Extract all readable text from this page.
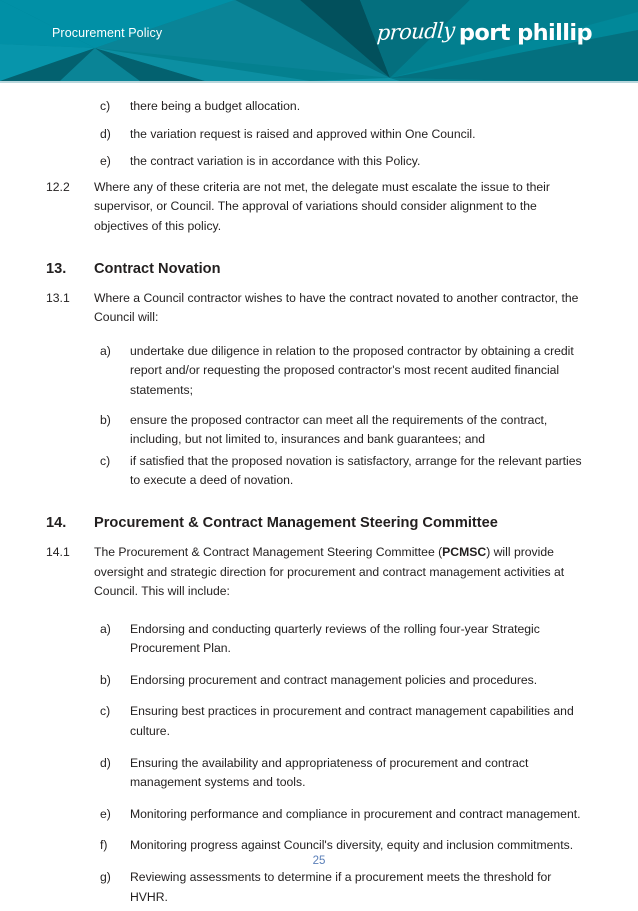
Procurement Policy	proudly port phillip
c)	there being a budget allocation.
d)	the variation request is raised and approved within One Council.
e)	the contract variation is in accordance with this Policy.
12.2	Where any of these criteria are not met, the delegate must escalate the issue to their supervisor, or Council. The approval of variations should consider alignment to the objectives of this policy.
13.	Contract Novation
13.1	Where a Council contractor wishes to have the contract novated to another contractor, the Council will:
a)	undertake due diligence in relation to the proposed contractor by obtaining a credit report and/or requesting the proposed contractor's most recent audited financial statements;
b)	ensure the proposed contractor can meet all the requirements of the contract, including, but not limited to, insurances and bank guarantees; and
c)	if satisfied that the proposed novation is satisfactory, arrange for the relevant parties to execute a deed of novation.
14.	Procurement & Contract Management Steering Committee
14.1	The Procurement & Contract Management Steering Committee (PCMSC) will provide oversight and strategic direction for procurement and contract management activities at Council. This will include:
a)	Endorsing and conducting quarterly reviews of the rolling four-year Strategic Procurement Plan.
b)	Endorsing procurement and contract management policies and procedures.
c)	Ensuring best practices in procurement and contract management capabilities and culture.
d)	Ensuring the availability and appropriateness of procurement and contract management systems and tools.
e)	Monitoring performance and compliance in procurement and contract management.
f)	Monitoring progress against Council's diversity, equity and inclusion commitments.
g)	Reviewing assessments to determine if a procurement meets the threshold for HVHR.
25
